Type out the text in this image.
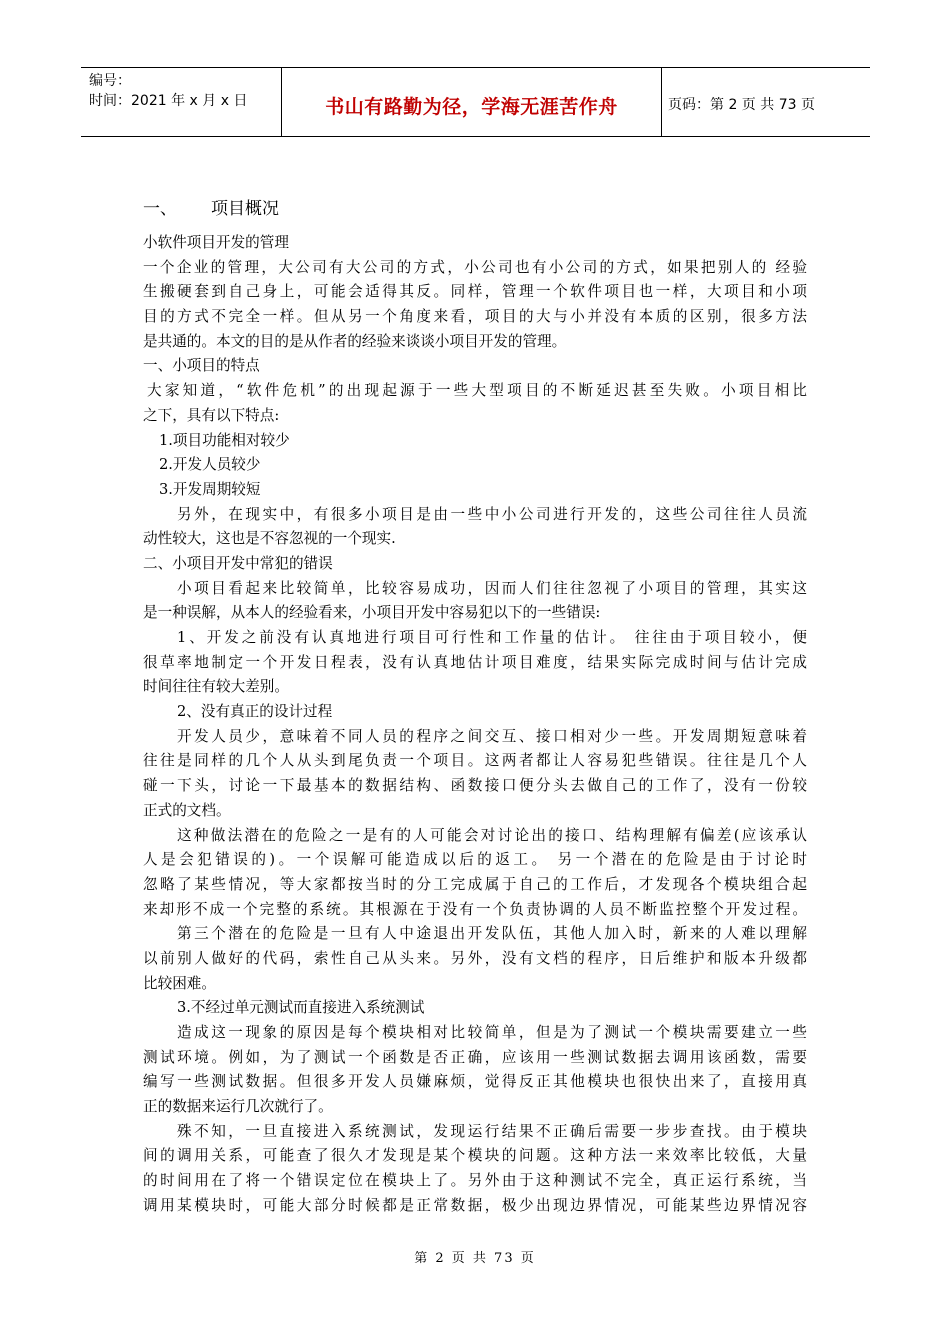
编号：
时间：2021 年 x 月 x 日	书山有路勤为径，学海无涯苦作舟	页码：第 2 页 共 73 页
一、 项目概况
小软件项目开发的管理
一个企业的管理，大公司有大公司的方式，小公司也有小公司的方式，如果把别人的 经验
生搬硬套到自己身上，可能会适得其反。同样，管理一个软件项目也一样，大项目和小项
目的方式不完全一样。但从另一个角度来看，项目的大与小并没有本质的区别，很多方法
是共通的。本文的目的是从作者的经验来谈谈小项目开发的管理。
一、小项目的特点
大家知道，“软件危机”的出现起源于一些大型项目的不断延迟甚至失败。小项目相比
之下，具有以下特点:
1.项目功能相对较少
2.开发人员较少
3.开发周期较短
另外，在现实中，有很多小项目是由一些中小公司进行开发的，这些公司往往人员流
动性较大，这也是不容忽视的一个现实.
二、小项目开发中常犯的错误
小项目看起来比较简单，比较容易成功，因而人们往往忽视了小项目的管理，其实这
是一种误解，从本人的经验看来，小项目开发中容易犯以下的一些错误:
1、开发之前没有认真地进行项目可行性和工作量的估计。 往往由于项目较小，便
很草率地制定一个开发日程表，没有认真地估计项目难度，结果实际完成时间与估计完成
时间往往有较大差别。
2、没有真正的设计过程
开发人员少，意味着不同人员的程序之间交互、接口相对少一些。开发周期短意味着
往往是同样的几个人从头到尾负责一个项目。这两者都让人容易犯些错误。往往是几个人
碰一下头，讨论一下最基本的数据结构、函数接口便分头去做自己的工作了，没有一份较
正式的文档。
这种做法潜在的危险之一是有的人可能会对讨论出的接口、结构理解有偏差(应该承认
人是会犯错误的)。一个误解可能造成以后的返工。 另一个潜在的危险是由于讨论时
忽略了某些情况，等大家都按当时的分工完成属于自己的工作后，才发现各个模块组合起
来却形不成一个完整的系统。其根源在于没有一个负责协调的人员不断监控整个开发过程。
第三个潜在的危险是一旦有人中途退出开发队伍，其他人加入时，新来的人难以理解
以前别人做好的代码，索性自己从头来。另外，没有文档的程序，日后维护和版本升级都
比较困难。
3.不经过单元测试而直接进入系统测试
造成这一现象的原因是每个模块相对比较简单，但是为了测试一个模块需要建立一些
测试环境。例如，为了测试一个函数是否正确，应该用一些测试数据去调用该函数，需要
编写一些测试数据。但很多开发人员嫌麻烦，觉得反正其他模块也很快出来了，直接用真
正的数据来运行几次就行了。
殊不知，一旦直接进入系统测试，发现运行结果不正确后需要一步步查找。由于模块
间的调用关系，可能查了很久才发现是某个模块的问题。这种方法一来效率比较低，大量
的时间用在了将一个错误定位在模块上了。另外由于这种测试不完全，真正运行系统，当
调用某模块时，可能大部分时候都是正常数据，极少出现边界情况，可能某些边界情况容
第 2 页 共 73 页
